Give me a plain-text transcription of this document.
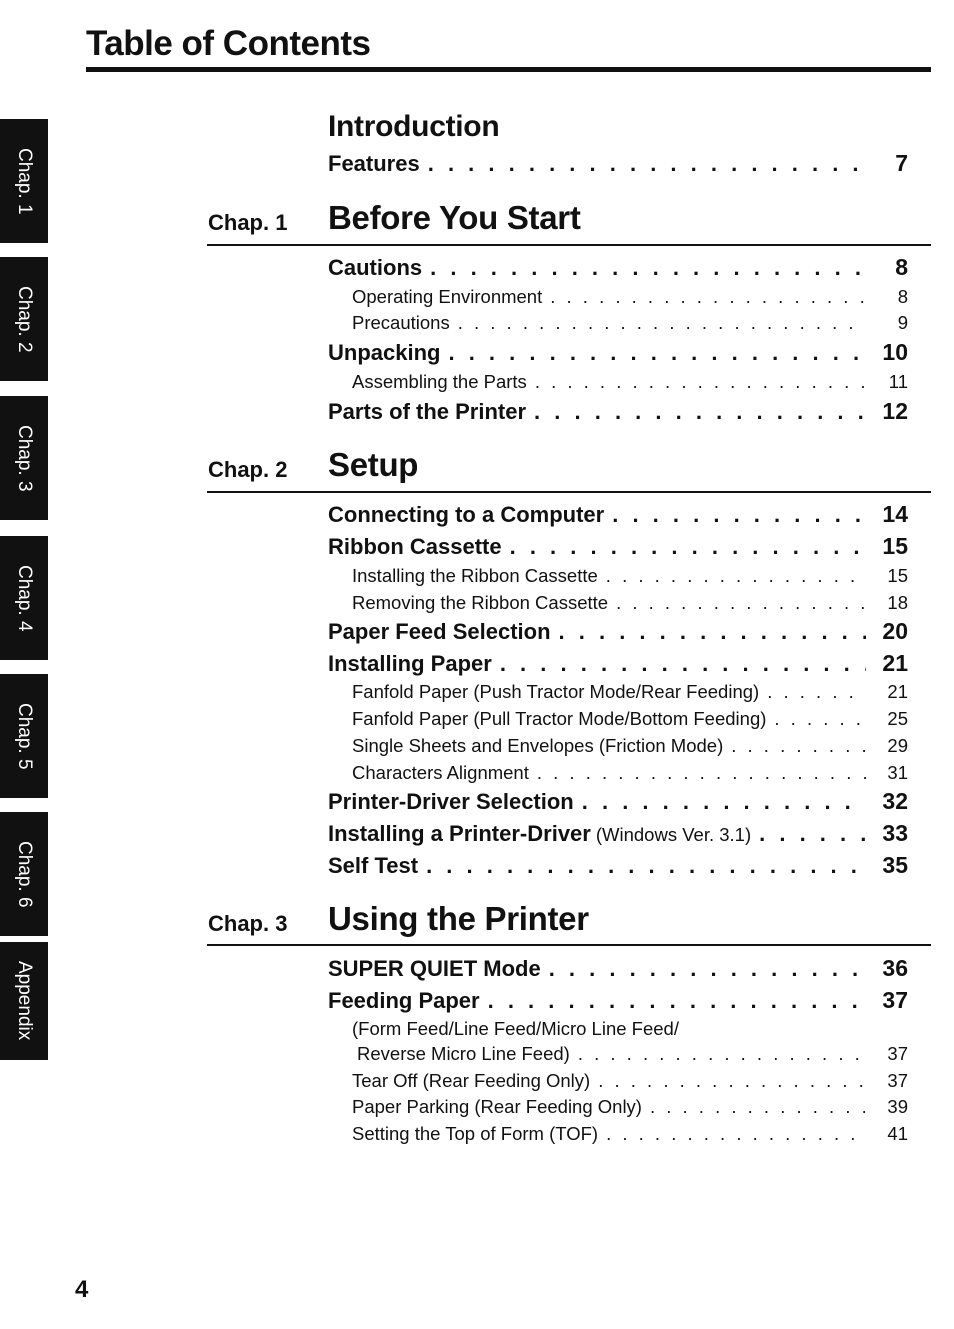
Table of Contents
Chap. 1
Chap. 2
Chap. 3
Chap. 4
Chap. 5
Chap. 6
Appendix
Introduction
Features . . .	7
Chap. 1 Before You Start
Cautions . . .	8
Operating Environment . . .	8
Precautions . . .	9
Unpacking . . .	10
Assembling the Parts . . .	11
Parts of the Printer . . .	12
Chap. 2 Setup
Connecting to a Computer . . .	14
Ribbon Cassette . . .	15
Installing the Ribbon Cassette . . .	15
Removing the Ribbon Cassette . . .	18
Paper Feed Selection . . .	20
Installing Paper . . .	21
Fanfold Paper (Push Tractor Mode/Rear Feeding) . . .	21
Fanfold Paper (Pull Tractor Mode/Bottom Feeding) . . .	25
Single Sheets and Envelopes (Friction Mode) . . .	29
Characters Alignment . . .	31
Printer-Driver Selection . . .	32
Installing a Printer-Driver (Windows Ver. 3.1) . . .	33
Self Test . . .	35
Chap. 3 Using the Printer
SUPER QUIET Mode . . .	36
Feeding Paper . . .	37
(Form Feed/Line Feed/Micro Line Feed/
Reverse Micro Line Feed) . . .	37
Tear Off (Rear Feeding Only) . . .	37
Paper Parking (Rear Feeding Only) . . .	39
Setting the Top of Form (TOF) . . .	41
4
